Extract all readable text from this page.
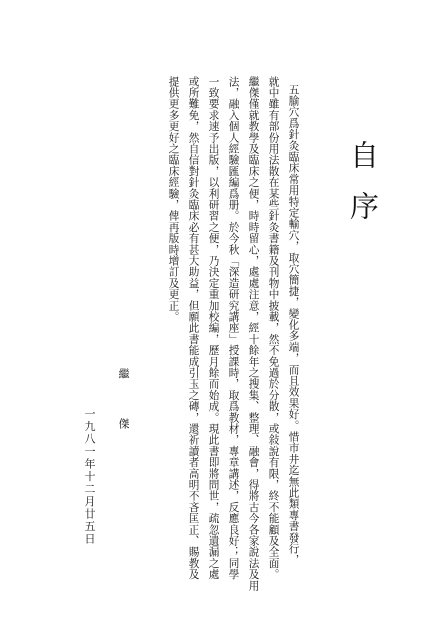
自序
五腧穴爲針灸臨床常用特定輸穴，取穴簡捷，變化多端，而且效果好。惜市井迄無此類專書發行，
就中雖有部份用法散在某些針灸書籍及刊物中披載，然不免過於分散，或敍說有限，終不能顧及全面。
繼傑僅就教學及臨床之便，時時留心，處處注意，經十餘年之搜集、整理、融會，得將古今各家說法及用
法，融入個人經驗匯編爲册。於今秋「深造研究講座」授課時，取爲教材，專章講述，反應良好；同學
一致要求速予出版，以利研習之便，乃決定重加校編，歷月餘而始成。現此書即將問世，疏忽遺漏之處
或所難免，然自信對針灸臨床必有甚大助益，但願此書能成引玉之磚，還祈讀者高明不吝匡正、賜教及
提供更多更好之臨床經驗，俾再版時增訂及更正。
繼　傑
一九八一年十二月廿五日
